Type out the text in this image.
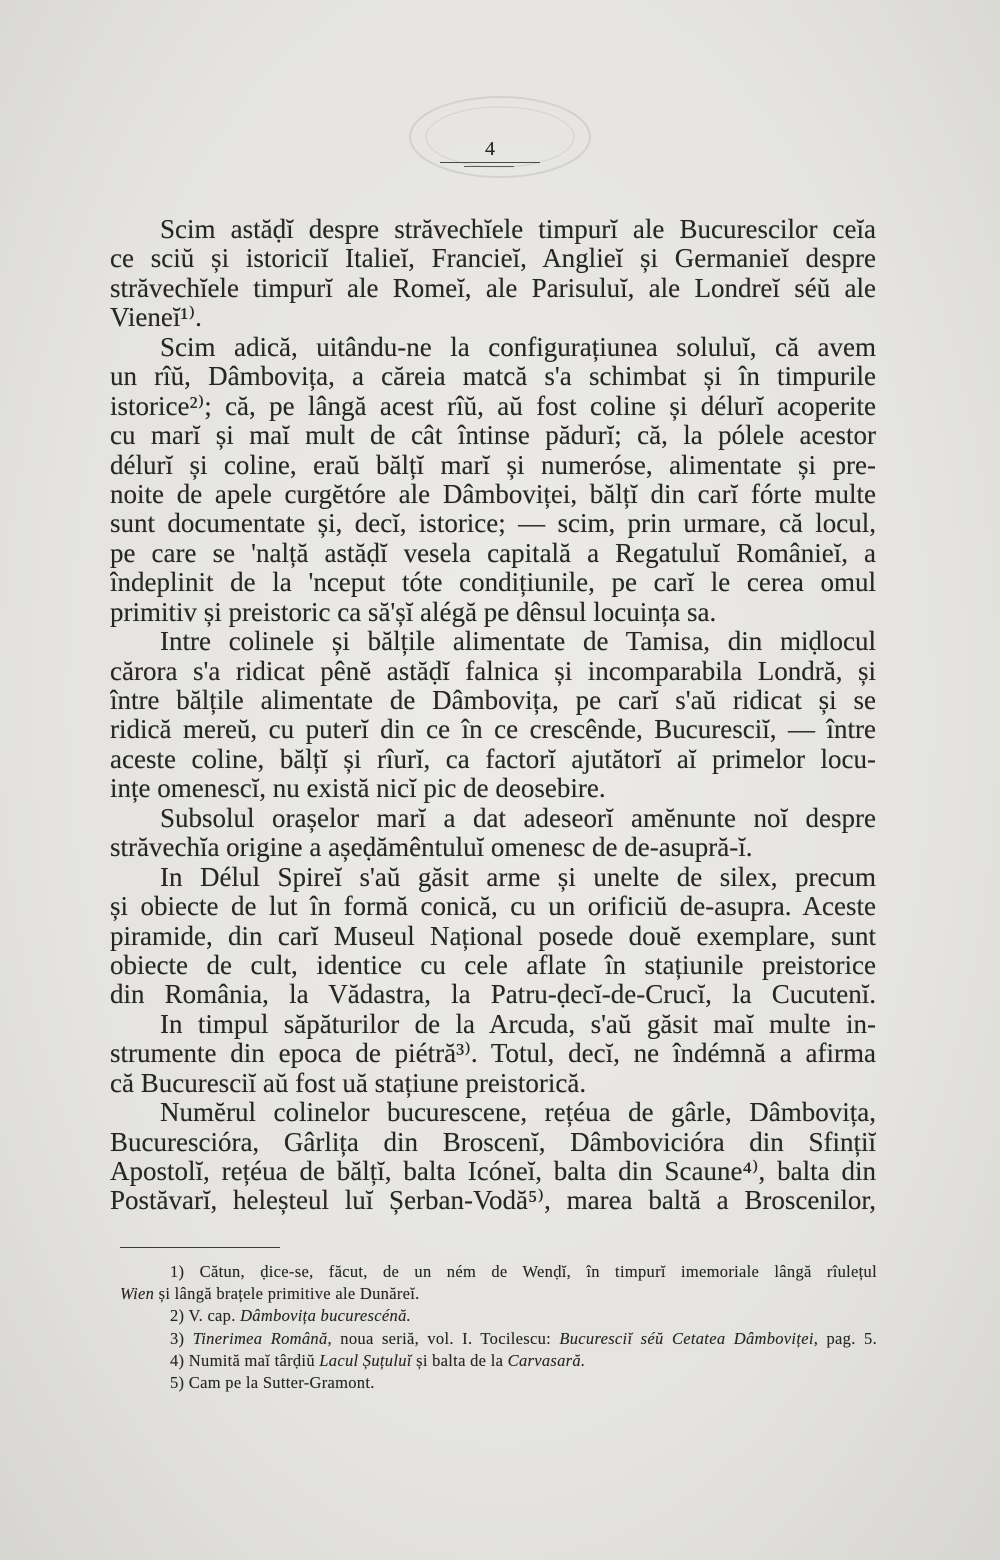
4
Scim astăḍĭ despre străvechĭele timpurĭ ale Bucurescilor ceĭa
ce sciŭ și istoriciĭ Italieĭ, Francieĭ, Anglieĭ și Germanieĭ despre
străvechĭele timpurĭ ale Romeĭ, ale Parisuluĭ, ale Londreĭ séŭ ale
Vieneĭ¹⁾.
Scim adică, uitându-ne la configurațiunea soluluĭ, că avem
un rîŭ, Dâmbovița, a căreia matcă s'a schimbat și în timpurile
istorice²⁾; că, pe lângă acest rîŭ, aŭ fost coline și délurĭ acoperite
cu marĭ și maĭ mult de cât întinse pădurĭ; că, la pólele acestor
délurĭ și coline, eraŭ bălțĭ marĭ și numeróse, alimentate și pre-
noite de apele curgĕtóre ale Dâmboviței, bălțĭ din carĭ fórte multe
sunt documentate și, decĭ, istorice; — scim, prin urmare, că locul,
pe care se 'nalță astăḍĭ vesela capitală a Regatuluĭ Românieĭ, a
îndeplinit de la 'nceput tóte condițiunile, pe carĭ le cerea omul
primitiv și preistoric ca să'șĭ alégă pe dênsul locuința sa.
Intre colinele și bălțile alimentate de Tamisa, din miḍlocul
cărora s'a ridicat pênĕ astăḍĭ falnica și incomparabila Londră, și
între bălțile alimentate de Dâmbovița, pe carĭ s'aŭ ridicat și se
ridică mereŭ, cu puterĭ din ce în ce crescênde, Bucuresciĭ, — între
aceste coline, bălțĭ și rîurĭ, ca factorĭ ajutătorĭ aĭ primelor locu-
ințe omenescĭ, nu există nicĭ pic de deosebire.
Subsolul orașelor marĭ a dat adeseorĭ amĕnunte noĭ despre
străvechĭa origine a așeḍămêntuluĭ omenesc de de-asupră-ĭ.
In Délul Spireĭ s'aŭ găsit arme și unelte de silex, precum
și obiecte de lut în formă conică, cu un orificiŭ de-asupra. Aceste
piramide, din carĭ Museul Național posede douĕ exemplare, sunt
obiecte de cult, identice cu cele aflate în stațiunile preistorice
din România, la Vădastra, la Patru-ḍecĭ-de-Crucĭ, la Cucutenĭ.
In timpul săpăturilor de la Arcuda, s'aŭ găsit maĭ multe in-
strumente din epoca de piétră³⁾. Totul, decĭ, ne îndémnă a afirma
că Bucuresciĭ aŭ fost uă stațiune preistorică.
Numĕrul colinelor bucurescene, rețéua de gârle, Dâmbovița,
Bucurescióra, Gârlița din Broscenĭ, Dâmbovicióra din Sfințiĭ
Apostolĭ, rețéua de bălțĭ, balta Icóneĭ, balta din Scaune⁴⁾, balta din
Postăvarĭ, heleșteul luĭ Șerban-Vodă⁵⁾, marea baltă a Broscenilor,
1) Cătun, ḍice-se, făcut, de un ném de Wenḍĭ, în timpurĭ imemoriale lângă rîulețul
Wien și lângă brațele primitive ale Dunăreĭ.
2) V. cap. Dâmbovița bucurescénă.
3) Tinerimea Română, noua seriă, vol. I. Tocilescu: Bucuresciĭ séŭ Cetatea Dâmboviței, pag. 5.
4) Numită maĭ târḍiŭ Lacul Șuțuluĭ și balta de la Carvasară.
5) Cam pe la Sutter-Gramont.
